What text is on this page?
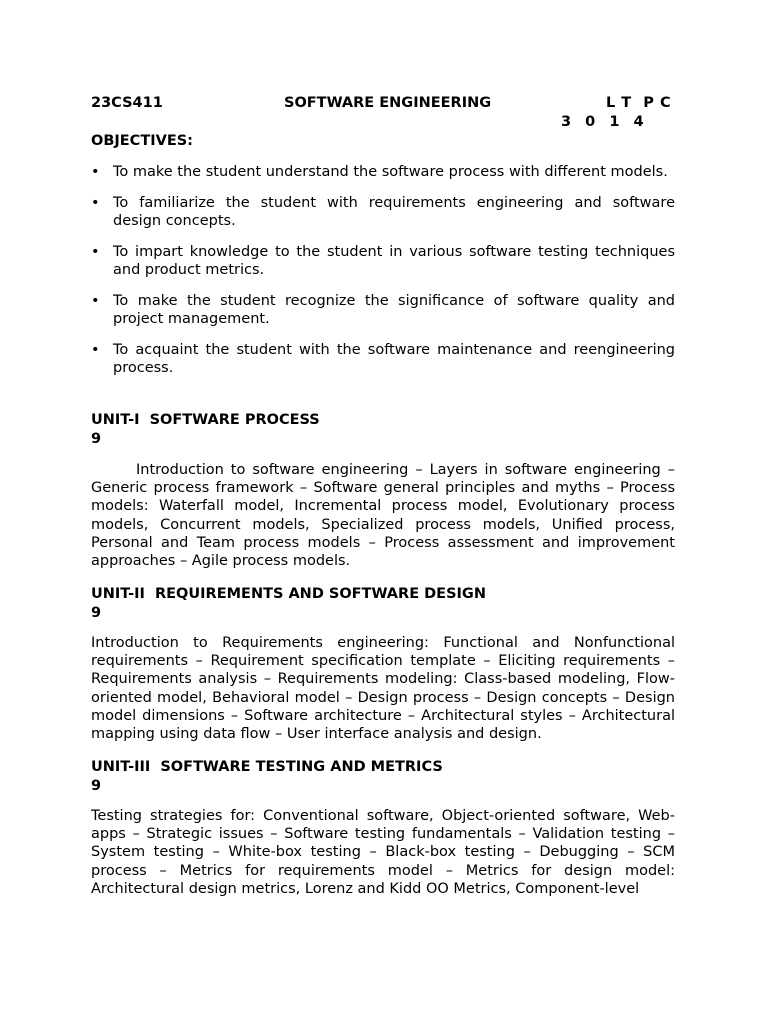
23CS411	SOFTWARE ENGINEERING	L T  P C
3  0  1  4
OBJECTIVES:
• To make the student understand the software process with different models.
• To familiarize the student with requirements engineering and software design concepts.
• To impart knowledge to the student in various software testing techniques and product metrics.
• To make the student recognize the significance of software quality and project management.
• To acquaint the student with the software maintenance and reengineering process.
UNIT-I  SOFTWARE PROCESS
9
Introduction to software engineering – Layers in software engineering – Generic process framework – Software general principles and myths – Process models: Waterfall model, Incremental process model, Evolutionary process models, Concurrent models, Specialized process models, Unified process, Personal and Team process models – Process assessment and improvement approaches – Agile process models.
UNIT-II  REQUIREMENTS AND SOFTWARE DESIGN
9
Introduction to Requirements engineering: Functional and Nonfunctional requirements – Requirement specification template – Eliciting requirements – Requirements analysis – Requirements modeling: Class-based modeling, Flow-oriented model, Behavioral model – Design process – Design concepts – Design model dimensions – Software architecture – Architectural styles – Architectural mapping using data flow – User interface analysis and design.
UNIT-III  SOFTWARE TESTING AND METRICS
9
Testing strategies for: Conventional software, Object-oriented software, Web-apps – Strategic issues – Software testing fundamentals – Validation testing – System testing – White-box testing – Black-box testing – Debugging – SCM process – Metrics for requirements model – Metrics for design model: Architectural design metrics, Lorenz and Kidd OO Metrics, Component-level
